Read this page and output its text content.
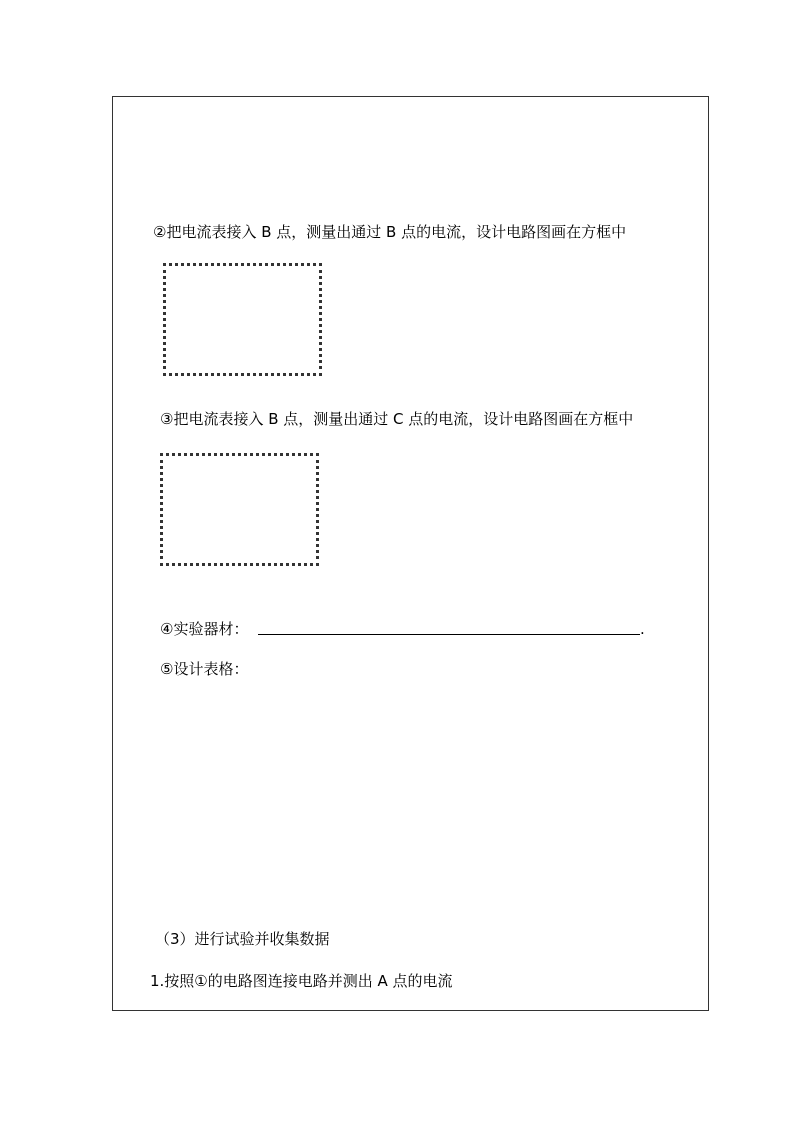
②把电流表接入 B 点，测量出通过 B 点的电流，设计电路图画在方框中
③把电流表接入 B 点，测量出通过 C 点的电流，设计电路图画在方框中
④实验器材：	.
⑤设计表格：
（3）进行试验并收集数据
1.按照①的电路图连接电路并测出 A 点的电流
